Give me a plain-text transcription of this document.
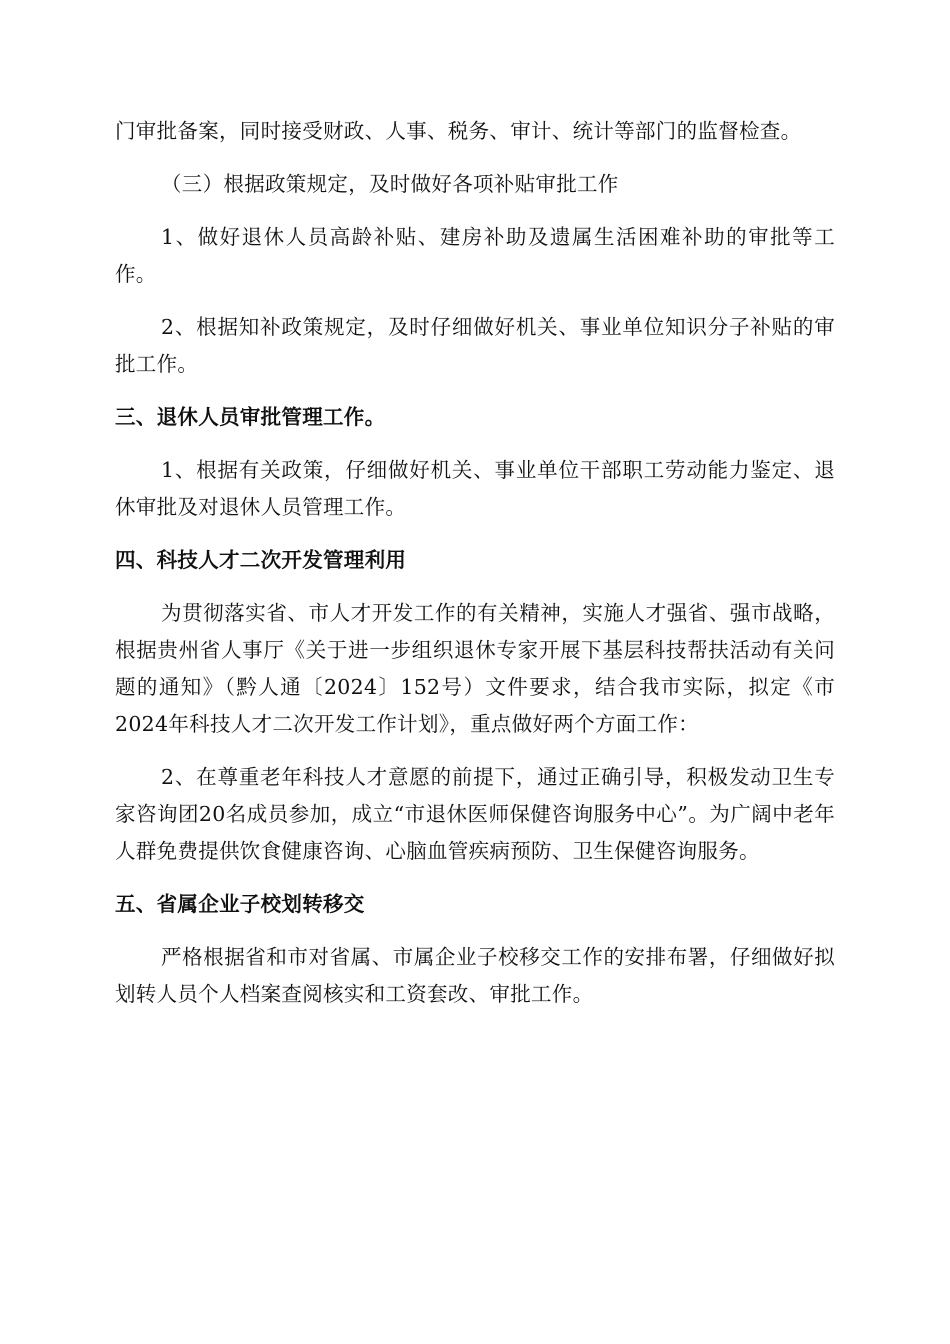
门审批备案，同时接受财政、人事、税务、审计、统计等部门的监督检查。

（三）根据政策规定，及时做好各项补贴审批工作

1、做好退休人员高龄补贴、建房补助及遗属生活困难补助的审批等工作。

2、根据知补政策规定，及时仔细做好机关、事业单位知识分子补贴的审批工作。

三、退休人员审批管理工作。

1、根据有关政策，仔细做好机关、事业单位干部职工劳动能力鉴定、退休审批及对退休人员管理工作。

四、科技人才二次开发管理利用

为贯彻落实省、市人才开发工作的有关精神，实施人才强省、强市战略，根据贵州省人事厅《关于进一步组织退休专家开展下基层科技帮扶活动有关问题的通知》（黔人通〔2024〕152号）文件要求，结合我市实际，拟定《市2024年科技人才二次开发工作计划》，重点做好两个方面工作：

2、在尊重老年科技人才意愿的前提下，通过正确引导，积极发动卫生专家咨询团20名成员参加，成立“市退休医师保健咨询服务中心”。为广阔中老年人群免费提供饮食健康咨询、心脑血管疾病预防、卫生保健咨询服务。

五、省属企业子校划转移交

严格根据省和市对省属、市属企业子校移交工作的安排布署，仔细做好拟划转人员个人档案查阅核实和工资套改、审批工作。
